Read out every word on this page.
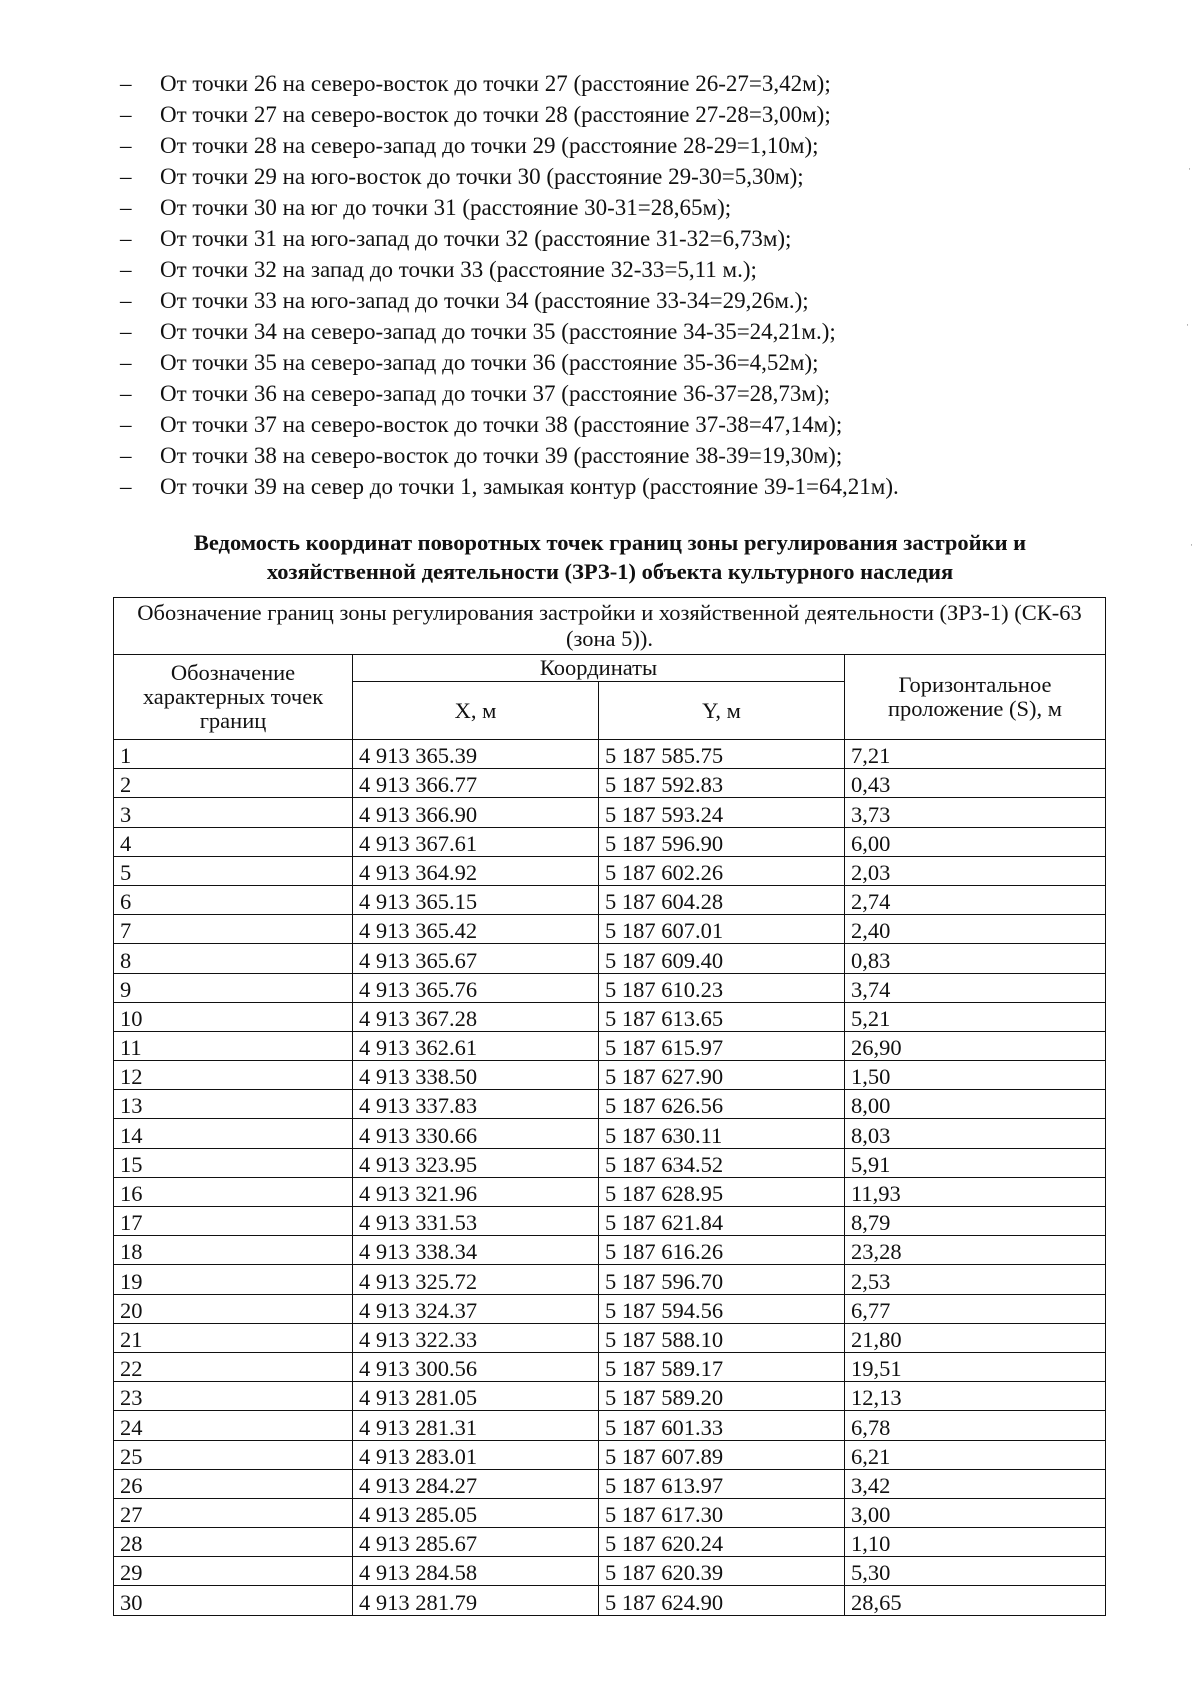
–	От точки 26 на северо-восток до точки 27 (расстояние 26-27=3,42м);
–	От точки 27 на северо-восток до точки 28 (расстояние 27-28=3,00м);
–	От точки 28 на северо-запад до точки 29 (расстояние 28-29=1,10м);
–	От точки 29 на юго-восток до точки 30 (расстояние 29-30=5,30м);
–	От точки 30 на юг до точки 31 (расстояние 30-31=28,65м);
–	От точки 31 на юго-запад до точки 32 (расстояние 31-32=6,73м);
–	От точки 32 на запад до точки 33 (расстояние 32-33=5,11 м.);
–	От точки 33 на юго-запад до точки 34 (расстояние 33-34=29,26м.);
–	От точки 34 на северо-запад до точки 35 (расстояние 34-35=24,21м.);
–	От точки 35 на северо-запад до точки 36 (расстояние 35-36=4,52м);
–	От точки 36 на северо-запад до точки 37 (расстояние 36-37=28,73м);
–	От точки 37 на северо-восток до точки 38 (расстояние 37-38=47,14м);
–	От точки 38 на северо-восток до точки 39 (расстояние 38-39=19,30м);
–	От точки 39 на север до точки 1, замыкая контур (расстояние 39-1=64,21м).
Ведомость координат поворотных точек границ зоны регулирования застройки и
хозяйственной деятельности (ЗРЗ-1) объекта культурного наследия
Обозначение границ зоны регулирования застройки и хозяйственной деятельности (ЗРЗ-1) (СК-63 (зона 5)).			
Обозначение характерных точек границ	Координаты		Горизонтальное проложение (S), м
	X, м	Y, м	
1	4 913 365.39	5 187 585.75	7,21
2	4 913 366.77	5 187 592.83	0,43
3	4 913 366.90	5 187 593.24	3,73
4	4 913 367.61	5 187 596.90	6,00
5	4 913 364.92	5 187 602.26	2,03
6	4 913 365.15	5 187 604.28	2,74
7	4 913 365.42	5 187 607.01	2,40
8	4 913 365.67	5 187 609.40	0,83
9	4 913 365.76	5 187 610.23	3,74
10	4 913 367.28	5 187 613.65	5,21
11	4 913 362.61	5 187 615.97	26,90
12	4 913 338.50	5 187 627.90	1,50
13	4 913 337.83	5 187 626.56	8,00
14	4 913 330.66	5 187 630.11	8,03
15	4 913 323.95	5 187 634.52	5,91
16	4 913 321.96	5 187 628.95	11,93
17	4 913 331.53	5 187 621.84	8,79
18	4 913 338.34	5 187 616.26	23,28
19	4 913 325.72	5 187 596.70	2,53
20	4 913 324.37	5 187 594.56	6,77
21	4 913 322.33	5 187 588.10	21,80
22	4 913 300.56	5 187 589.17	19,51
23	4 913 281.05	5 187 589.20	12,13
24	4 913 281.31	5 187 601.33	6,78
25	4 913 283.01	5 187 607.89	6,21
26	4 913 284.27	5 187 613.97	3,42
27	4 913 285.05	5 187 617.30	3,00
28	4 913 285.67	5 187 620.24	1,10
29	4 913 284.58	5 187 620.39	5,30
30	4 913 281.79	5 187 624.90	28,65
·
·
·
